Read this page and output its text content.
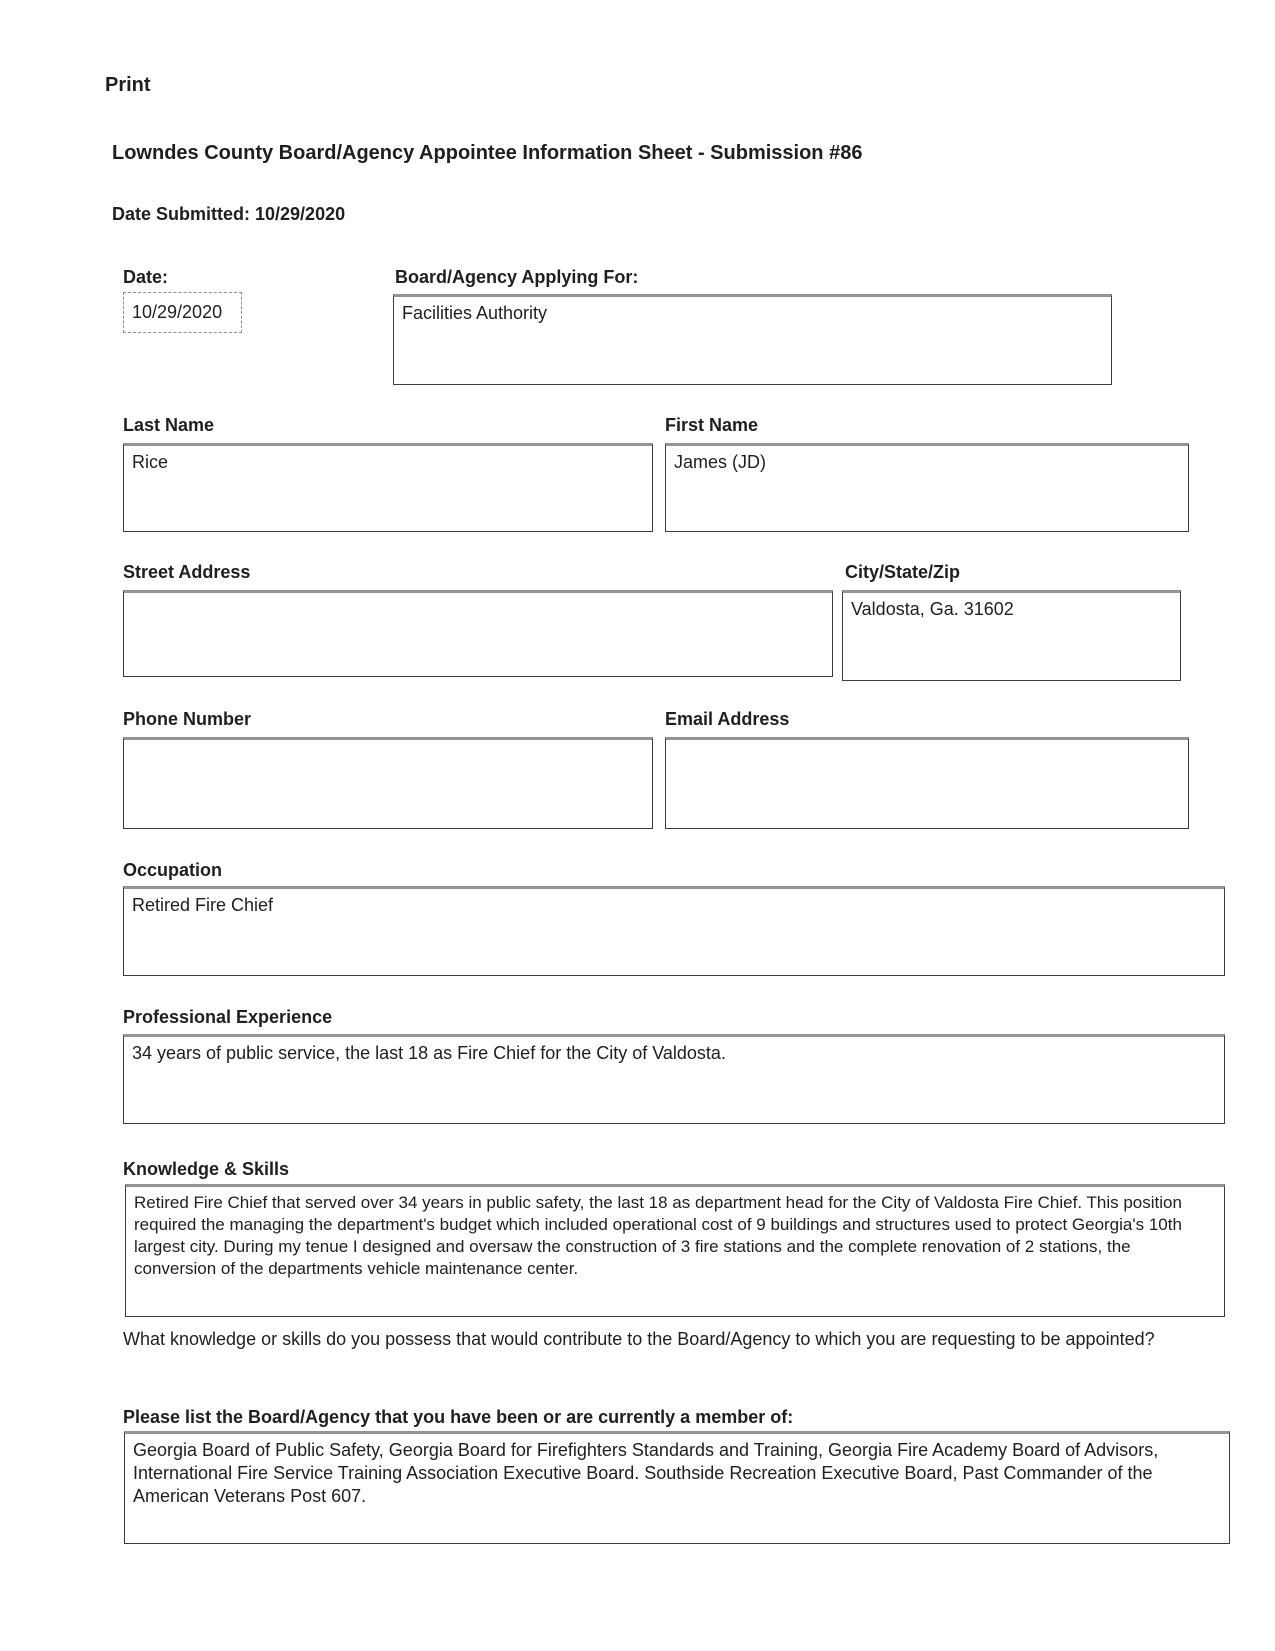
Print
Lowndes County Board/Agency Appointee Information Sheet - Submission #86
Date Submitted: 10/29/2020
Date:
10/29/2020
Board/Agency Applying For:
Facilities Authority
Last Name
Rice
First Name
James (JD)
Street Address	City/State/Zip
Valdosta, Ga. 31602
Phone Number	Email Address
Occupation
Retired Fire Chief
Professional Experience
34 years of public service, the last 18 as Fire Chief for the City of Valdosta.
Knowledge & Skills
Retired Fire Chief that served over 34 years in public safety, the last 18 as department head for the City of Valdosta Fire Chief. This position required the managing the department's budget which included operational cost of 9 buildings and structures used to protect Georgia's 10th largest city. During my tenue I designed and oversaw the construction of 3 fire stations and the complete renovation of 2 stations, the conversion of the departments vehicle maintenance center.
What knowledge or skills do you possess that would contribute to the Board/Agency to which you are requesting to be appointed?
Please list the Board/Agency that you have been or are currently a member of:
Georgia Board of Public Safety, Georgia Board for Firefighters Standards and Training, Georgia Fire Academy Board of Advisors, International Fire Service Training Association Executive Board. Southside Recreation Executive Board, Past Commander of the American Veterans Post 607.
